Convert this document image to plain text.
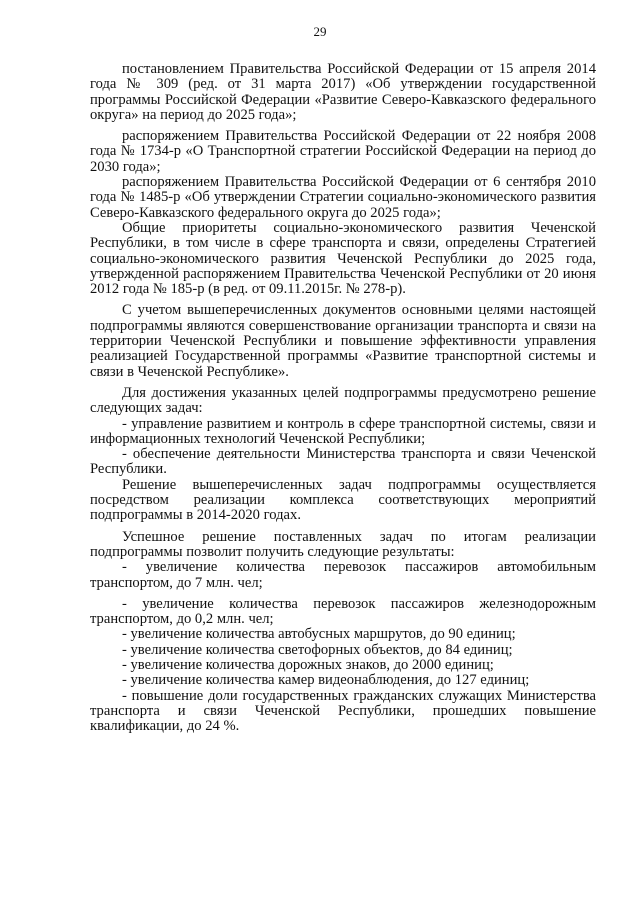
29

постановлением Правительства Российской Федерации от 15 апреля 2014 года № 309 (ред. от 31 марта 2017) «Об утверждении государственной программы Российской Федерации «Развитие Северо-Кавказского федерального округа» на период до 2025 года»;

распоряжением Правительства Российской Федерации от 22 ноября 2008 года № 1734-р «О Транспортной стратегии Российской Федерации на период до 2030 года»;

распоряжением Правительства Российской Федерации от 6 сентября 2010 года № 1485-р «Об утверждении Стратегии социально-экономического развития Северо-Кавказского федерального округа до 2025 года»;

Общие приоритеты социально-экономического развития Чеченской Республики, в том числе в сфере транспорта и связи, определены Стратегией социально-экономического развития Чеченской Республики до 2025 года, утвержденной распоряжением Правительства Чеченской Республики от 20 июня 2012 года № 185-р (в ред. от 09.11.2015г. № 278-р).

С учетом вышеперечисленных документов основными целями настоящей подпрограммы являются совершенствование организации транспорта и связи на территории Чеченской Республики и повышение эффективности управления реализацией Государственной программы «Развитие транспортной системы и связи в Чеченской Республике».

Для достижения указанных целей подпрограммы предусмотрено решение следующих задач:

- управление развитием и контроль в сфере транспортной системы, связи и информационных технологий Чеченской Республики;

- обеспечение деятельности Министерства транспорта и связи Чеченской Республики.

Решение вышеперечисленных задач подпрограммы осуществляется посредством реализации комплекса соответствующих мероприятий подпрограммы в 2014-2020 годах.

Успешное решение поставленных задач по итогам реализации подпрограммы позволит получить следующие результаты:

- увеличение количества перевозок пассажиров автомобильным транспортом, до 7 млн. чел;

- увеличение количества перевозок пассажиров железнодорожным транспортом, до 0,2 млн. чел;

- увеличение количества автобусных маршрутов, до 90 единиц;

- увеличение количества светофорных объектов, до 84 единиц;

- увеличение количества дорожных знаков, до 2000 единиц;

- увеличение количества камер видеонаблюдения, до 127 единиц;

- повышение доли государственных гражданских служащих Министерства транспорта и связи Чеченской Республики, прошедших повышение квалификации, до 24 %.
